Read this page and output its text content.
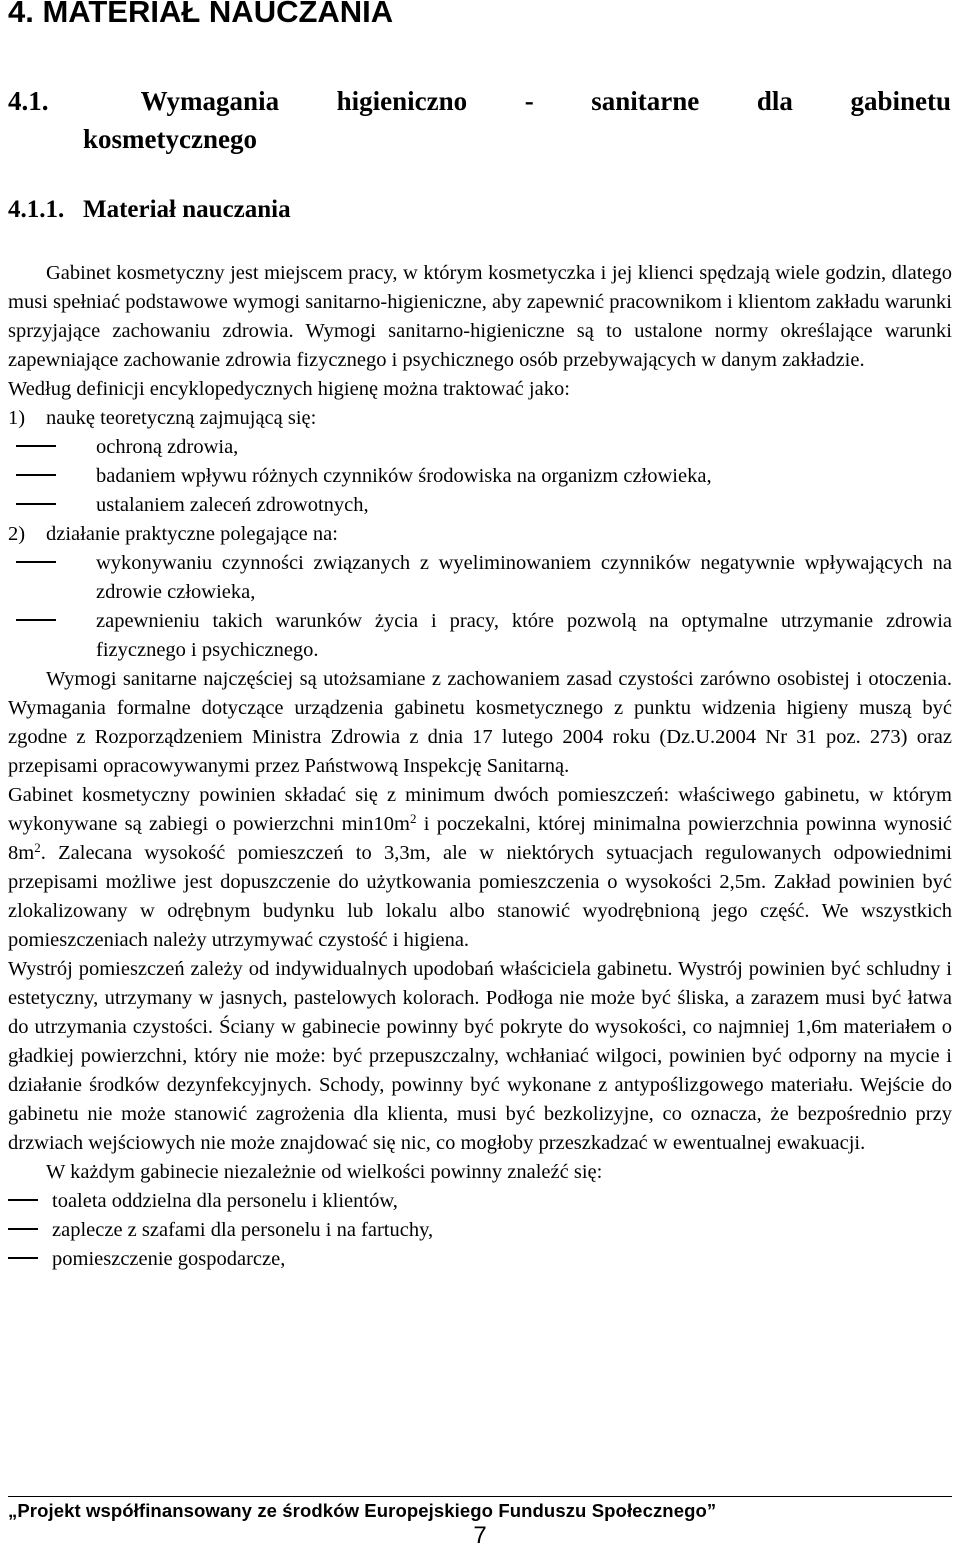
4. MATERIAŁ NAUCZANIA
4.1.	Wymagania higieniczno - sanitarne dla gabinetu
kosmetycznego
4.1.1. Materiał nauczania

Gabinet kosmetyczny jest miejscem pracy, w którym kosmetyczka i jej klienci spędzają wiele godzin, dlatego musi spełniać podstawowe wymogi sanitarno-higieniczne, aby zapewnić pracownikom i klientom zakładu warunki sprzyjające zachowaniu zdrowia. Wymogi sanitarno-higieniczne są to ustalone normy określające warunki zapewniające zachowanie zdrowia fizycznego i psychicznego osób przebywających w danym zakładzie.

Według definicji encyklopedycznych higienę można traktować jako:

1)	naukę teoretyczną zajmującą się:
ochroną zdrowia,
badaniem wpływu różnych czynników środowiska na organizm człowieka,
ustalaniem zaleceń zdrowotnych,
2)	działanie praktyczne polegające na:
wykonywaniu czynności związanych z wyeliminowaniem czynników negatywnie wpływających na zdrowie człowieka,
zapewnieniu takich warunków życia i pracy, które pozwolą na optymalne utrzymanie zdrowia fizycznego i psychicznego.

Wymogi sanitarne najczęściej są utożsamiane z zachowaniem zasad czystości zarówno osobistej i otoczenia. Wymagania formalne dotyczące urządzenia gabinetu kosmetycznego z punktu widzenia higieny muszą być zgodne z Rozporządzeniem Ministra Zdrowia z dnia 17 lutego 2004 roku (Dz.U.2004 Nr 31 poz. 273) oraz przepisami opracowywanymi przez Państwową Inspekcję Sanitarną.

Gabinet kosmetyczny powinien składać się z minimum dwóch pomieszczeń: właściwego gabinetu, w którym wykonywane są zabiegi o powierzchni $\min 10m^2$ i poczekalni, której minimalna powierzchnia powinna wynosić $8m^2$. Zalecana wysokość pomieszczeń to 3,3m, ale w niektórych sytuacjach regulowanych odpowiednimi przepisami możliwe jest dopuszczenie do użytkowania pomieszczenia o wysokości 2,5m. Zakład powinien być zlokalizowany w odrębnym budynku lub lokalu albo stanowić wyodrębnioną jego część. We wszystkich pomieszczeniach należy utrzymywać czystość i higiena.

Wystrój pomieszczeń zależy od indywidualnych upodobań właściciela gabinetu. Wystrój powinien być schludny i estetyczny, utrzymany w jasnych, pastelowych kolorach. Podłoga nie może być śliska, a zarazem musi być łatwa do utrzymania czystości. Ściany w gabinecie powinny być pokryte do wysokości, co najmniej 1,6m materiałem o gładkiej powierzchni, który nie może: być przepuszczalny, wchłaniać wilgoci, powinien być odporny na mycie i działanie środków dezynfekcyjnych. Schody, powinny być wykonane z antypoślizgowego materiału. Wejście do gabinetu nie może stanowić zagrożenia dla klienta, musi być bezkolizyjne, co oznacza, że bezpośrednio przy drzwiach wejściowych nie może znajdować się nic, co mogłoby przeszkadzać w ewentualnej ewakuacji.

W każdym gabinecie niezależnie od wielkości powinny znaleźć się:

toaleta oddzielna dla personelu i klientów,
zaplecze z szafami dla personelu i na fartuchy,
pomieszczenie gospodarcze,
„Projekt współfinansowany ze środków Europejskiego Funduszu Społecznego”
7
